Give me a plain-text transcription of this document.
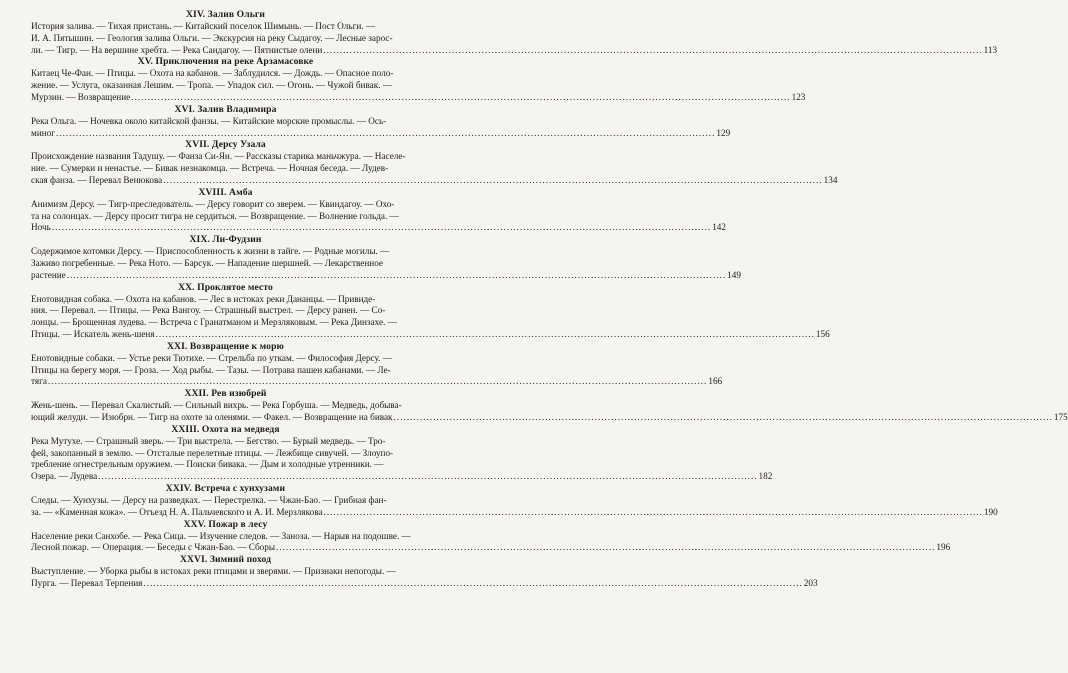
XIV. Залив Ольги
История залива. — Тихая пристань. — Китайский поселок Шимынь. — Пост Ольги. —
И. А. Пятышин. — Геология залива Ольги. — Экскурсия на реку Сыдагоу. — Лесные зарос-
ли. — Тигр. — На вершине хребта. — Река Сандагоу. — Пятнистые олени ........................................................................................................................................................................................................ 113
XV. Приключения на реке Арзамасовке
Китаец Че-Фан. — Птицы. — Охота на кабанов. — Заблудился. — Дождь. — Опасное поло-
жение. — Услуга, оказанная Лешим. — Тропа. — Упадок сил. — Огонь. — Чужой бивак. —
Мурзин. — Возвращение ........................................................................................................................................................................................................ 123
XVI. Залив Владимира
Река Ольга. — Ночевка около китайской фанзы. — Китайские морские промыслы. — Ось-
миног ........................................................................................................................................................................................................ 129
XVII. Дерсу Узала
Происхождение названия Тадушу. — Фанза Си-Ян. — Рассказы старика маньчжура. — Населе-
ние. — Сумерки и ненастье. — Бивак незнакомца. — Встреча. — Ночная беседа. — Лудев-
ская фанза. — Перевал Венюкова ........................................................................................................................................................................................................ 134
XVIII. Амба
Анимизм Дерсу. — Тигр-преследователь. — Дерсу говорит со зверем. — Квиндагоу. — Охо-
та на солонцах. — Дерсу просит тигра не сердиться. — Возвращение. — Волнение гольда. —
Ночь ........................................................................................................................................................................................................ 142
XIX. Ли-Фудзин
Содержимое котомки Дерсу. — Приспособленность к жизни в тайге. — Родные могилы. —
Заживо погребенные. — Река Ното. — Барсук. — Нападение шершней. — Лекарственное
растение ........................................................................................................................................................................................................ 149
XX. Проклятое место
Енотовидная собака. — Охота на кабанов. — Лес в истоках реки Дананцы. — Привиде-
ния. — Перевал. — Птицы. — Река Вангоу. — Страшный выстрел. — Дерсу ранен. — Со-
лонцы. — Брошенная лудева. — Встреча с Гранатманом и Мерзляковым. — Река Динзахе. —
Птицы. — Искатель жень-шеня ........................................................................................................................................................................................................ 156
XXI. Возвращение к морю
Енотовидные собаки. — Устье реки Тютихе. — Стрельба по уткам. — Философия Дерсу. —
Птицы на берегу моря. — Гроза. — Ход рыбы. — Тазы. — Потрава пашен кабанами. — Ле-
тяга ........................................................................................................................................................................................................ 166
XXII. Рев изюбрей
Жень-шень. — Перевал Скалистый. — Сильный вихрь. — Река Горбуша. — Медведь, добыва-
ющий желуди. — Изюбрн. — Тигр на охоте за оленями. — Факел. — Возвращение на бивак ........................................................................................................................................................................................................ 175
XXIII. Охота на медведя
Река Мутухе. — Страшный зверь. — Три выстрела. — Бегство. — Бурый медведь. — Тро-
фей, закопанный в землю. — Отсталые перелетные птицы. — Лежбище сивучей. — Злоупо-
требление огнестрельным оружием. — Поиски бивака. — Дым и холодные утренники. —
Озера. — Лудева ........................................................................................................................................................................................................ 182
XXIV. Встреча с хунхузами
Следы. — Хунхузы. — Дерсу на разведках. — Перестрелка. — Чжан-Бао. — Грибная фан-
за. — «Каменная кожа». — Отъезд Н. А. Пальчевского и А. И. Мерзлякова ........................................................................................................................................................................................................ 190
XXV. Пожар в лесу
Население реки Санхобе. — Река Сица. — Изучение следов. — Заноза. — Нарыв на подошве. —
Лесной пожар. — Операция. — Беседы с Чжан-Бао. — Сборы ........................................................................................................................................................................................................ 196
XXVI. Зимний поход
Выступление. — Уборка рыбы в истоках реки птицами и зверями. — Признаки непогоды. —
Пурга. — Перевал Терпения ........................................................................................................................................................................................................ 203
